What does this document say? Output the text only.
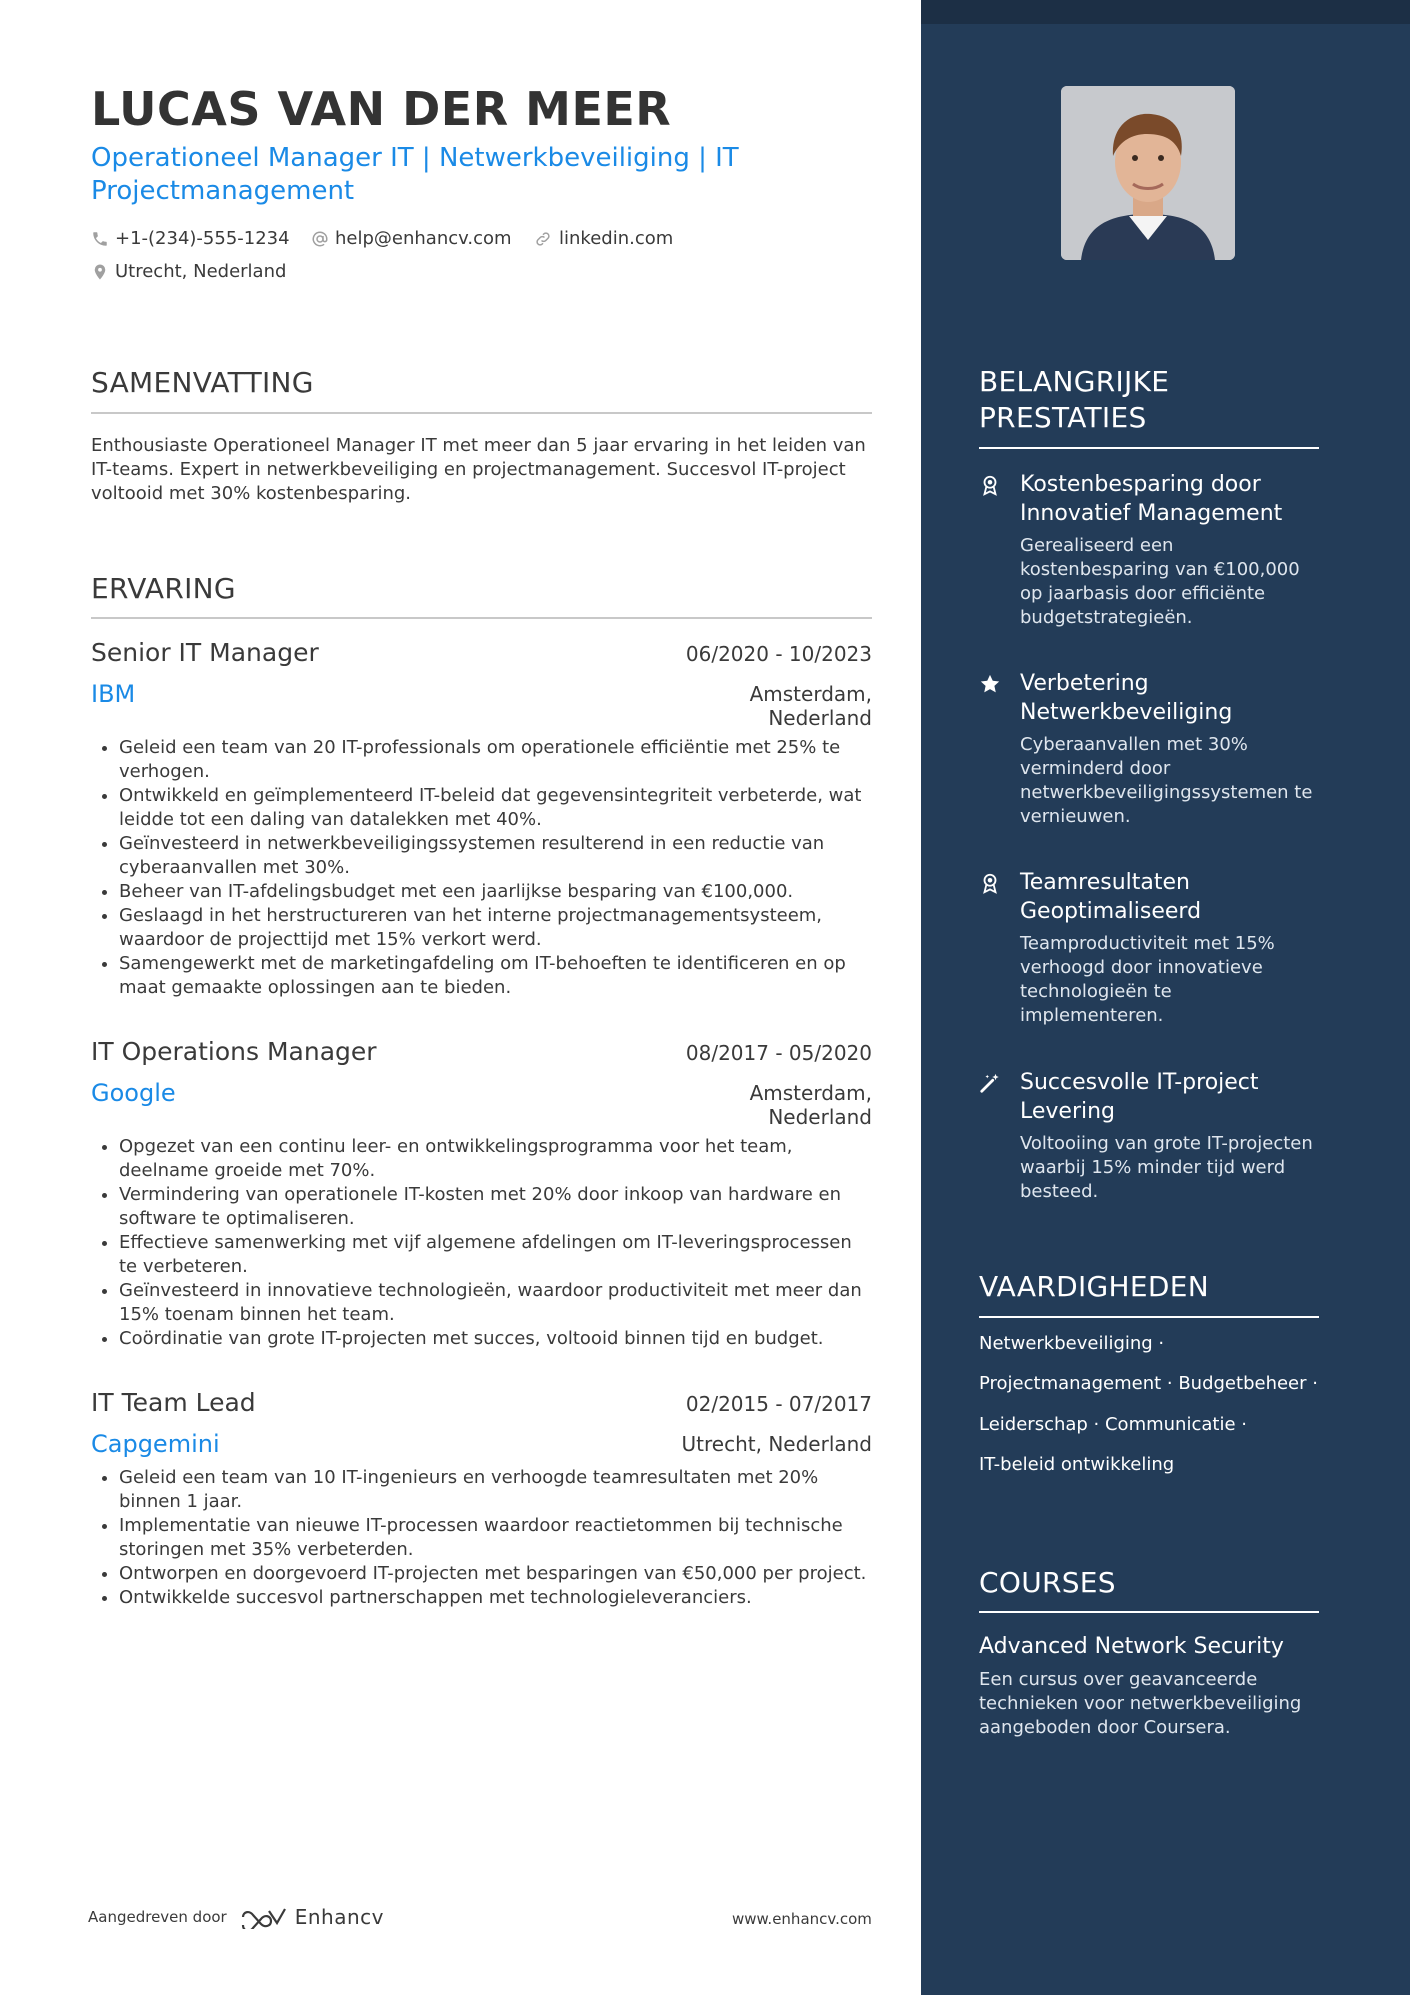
LUCAS VAN DER MEER
Operationeel Manager IT | Netwerkbeveiliging | IT Projectmanagement
+1-(234)-555-1234	help@enhancv.com	linkedin.com
Utrecht, Nederland
SAMENVATTING
Enthousiaste Operationeel Manager IT met meer dan 5 jaar ervaring in het leiden van IT-teams. Expert in netwerkbeveiliging en projectmanagement. Succesvol IT-project voltooid met 30% kostenbesparing.
ERVARING
Senior IT Manager	06/2020 - 10/2023
IBM	Amsterdam, Nederland
• Geleid een team van 20 IT-professionals om operationele efficiëntie met 25% te verhogen.
• Ontwikkeld en geïmplementeerd IT-beleid dat gegevensintegriteit verbeterde, wat leidde tot een daling van datalekken met 40%.
• Geïnvesteerd in netwerkbeveiligingssystemen resulterend in een reductie van cyberaanvallen met 30%.
• Beheer van IT-afdelingsbudget met een jaarlijkse besparing van €100,000.
• Geslaagd in het herstructureren van het interne projectmanagementsysteem, waardoor de projecttijd met 15% verkort werd.
• Samengewerkt met de marketingafdeling om IT-behoeften te identificeren en op maat gemaakte oplossingen aan te bieden.
IT Operations Manager	08/2017 - 05/2020
Google	Amsterdam, Nederland
• Opgezet van een continu leer- en ontwikkelingsprogramma voor het team, deelname groeide met 70%.
• Vermindering van operationele IT-kosten met 20% door inkoop van hardware en software te optimaliseren.
• Effectieve samenwerking met vijf algemene afdelingen om IT-leveringsprocessen te verbeteren.
• Geïnvesteerd in innovatieve technologieën, waardoor productiviteit met meer dan 15% toenam binnen het team.
• Coördinatie van grote IT-projecten met succes, voltooid binnen tijd en budget.
IT Team Lead	02/2015 - 07/2017
Capgemini	Utrecht, Nederland
• Geleid een team van 10 IT-ingenieurs en verhoogde teamresultaten met 20% binnen 1 jaar.
• Implementatie van nieuwe IT-processen waardoor reactietommen bij technische storingen met 35% verbeterden.
• Ontworpen en doorgevoerd IT-projecten met besparingen van €50,000 per project.
• Ontwikkelde succesvol partnerschappen met technologieleveranciers.
Aangedreven door	Enhancv	www.enhancv.com
BELANGRIJKE PRESTATIES
Kostenbesparing door Innovatief Management
Gerealiseerd een kostenbesparing van €100,000 op jaarbasis door efficiënte budgetstrategieën.
Verbetering Netwerkbeveiliging
Cyberaanvallen met 30% verminderd door netwerkbeveiligingssystemen te vernieuwen.
Teamresultaten Geoptimaliseerd
Teamproductiviteit met 15% verhoogd door innovatieve technologieën te implementeren.
Succesvolle IT-project Levering
Voltooiing van grote IT-projecten waarbij 15% minder tijd werd besteed.
VAARDIGHEDEN
Netwerkbeveiliging ·
Projectmanagement · Budgetbeheer ·
Leiderschap · Communicatie ·
IT-beleid ontwikkeling
COURSES
Advanced Network Security
Een cursus over geavanceerde technieken voor netwerkbeveiliging aangeboden door Coursera.
